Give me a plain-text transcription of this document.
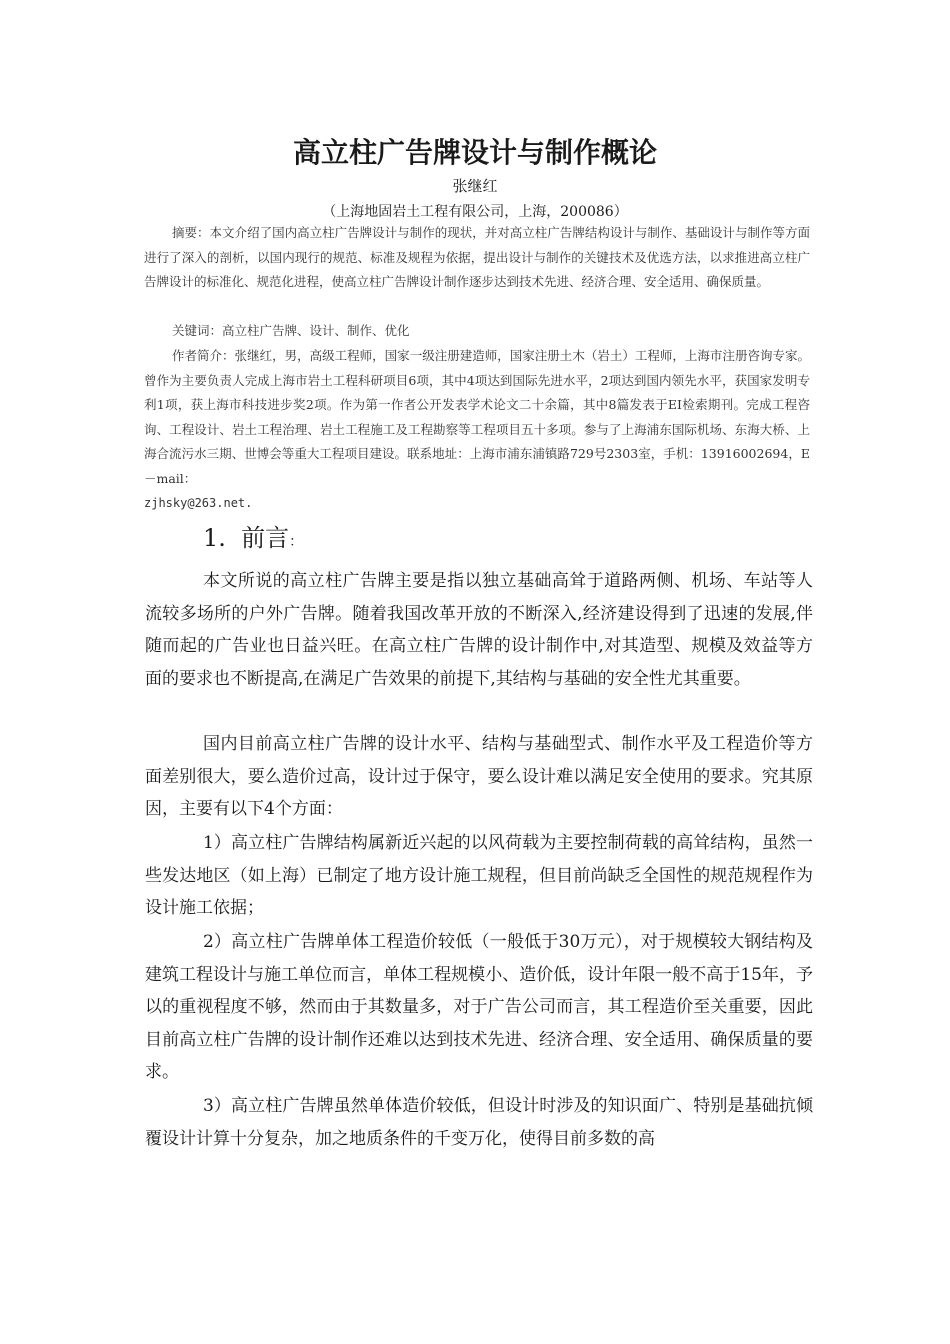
高立柱广告牌设计与制作概论
张继红
（上海地固岩土工程有限公司，上海，200086）
摘要：本文介绍了国内高立柱广告牌设计与制作的现状，并对高立柱广告牌结构设计与制作、基础设计与制作等方面进行了深入的剖析，以国内现行的规范、标准及规程为依据，提出设计与制作的关键技术及优选方法，以求推进高立柱广告牌设计的标准化、规范化进程，使高立柱广告牌设计制作逐步达到技术先进、经济合理、安全适用、确保质量。
关键词：高立柱广告牌、设计、制作、优化
作者简介：张继红，男，高级工程师，国家一级注册建造师，国家注册土木（岩土）工程师，上海市注册咨询专家。曾作为主要负责人完成上海市岩土工程科研项目6项，其中4项达到国际先进水平，2项达到国内领先水平，获国家发明专利1项，获上海市科技进步奖2项。作为第一作者公开发表学术论文二十余篇，其中8篇发表于EI检索期刊。完成工程咨询、工程设计、岩土工程治理、岩土工程施工及工程勘察等工程项目五十多项。参与了上海浦东国际机场、东海大桥、上海合流污水三期、世博会等重大工程项目建设。联系地址：上海市浦东浦镇路729号2303室，手机：13916002694，E－mail：
zjhsky@263.net.
1. 前言：

本文所说的高立柱广告牌主要是指以独立基础高耸于道路两侧、机场、车站等人流较多场所的户外广告牌。随着我国改革开放的不断深入,经济建设得到了迅速的发展,伴随而起的广告业也日益兴旺。在高立柱广告牌的设计制作中,对其造型、规模及效益等方面的要求也不断提高,在满足广告效果的前提下,其结构与基础的安全性尤其重要。

国内目前高立柱广告牌的设计水平、结构与基础型式、制作水平及工程造价等方面差别很大，要么造价过高，设计过于保守，要么设计难以满足安全使用的要求。究其原因，主要有以下4个方面：

1）高立柱广告牌结构属新近兴起的以风荷载为主要控制荷载的高耸结构，虽然一些发达地区（如上海）已制定了地方设计施工规程，但目前尚缺乏全国性的规范规程作为设计施工依据；

2）高立柱广告牌单体工程造价较低（一般低于30万元），对于规模较大钢结构及建筑工程设计与施工单位而言，单体工程规模小、造价低，设计年限一般不高于15年，予以的重视程度不够，然而由于其数量多，对于广告公司而言，其工程造价至关重要，因此目前高立柱广告牌的设计制作还难以达到技术先进、经济合理、安全适用、确保质量的要求。

3）高立柱广告牌虽然单体造价较低，但设计时涉及的知识面广、特别是基础抗倾覆设计计算十分复杂，加之地质条件的千变万化，使得目前多数的高
